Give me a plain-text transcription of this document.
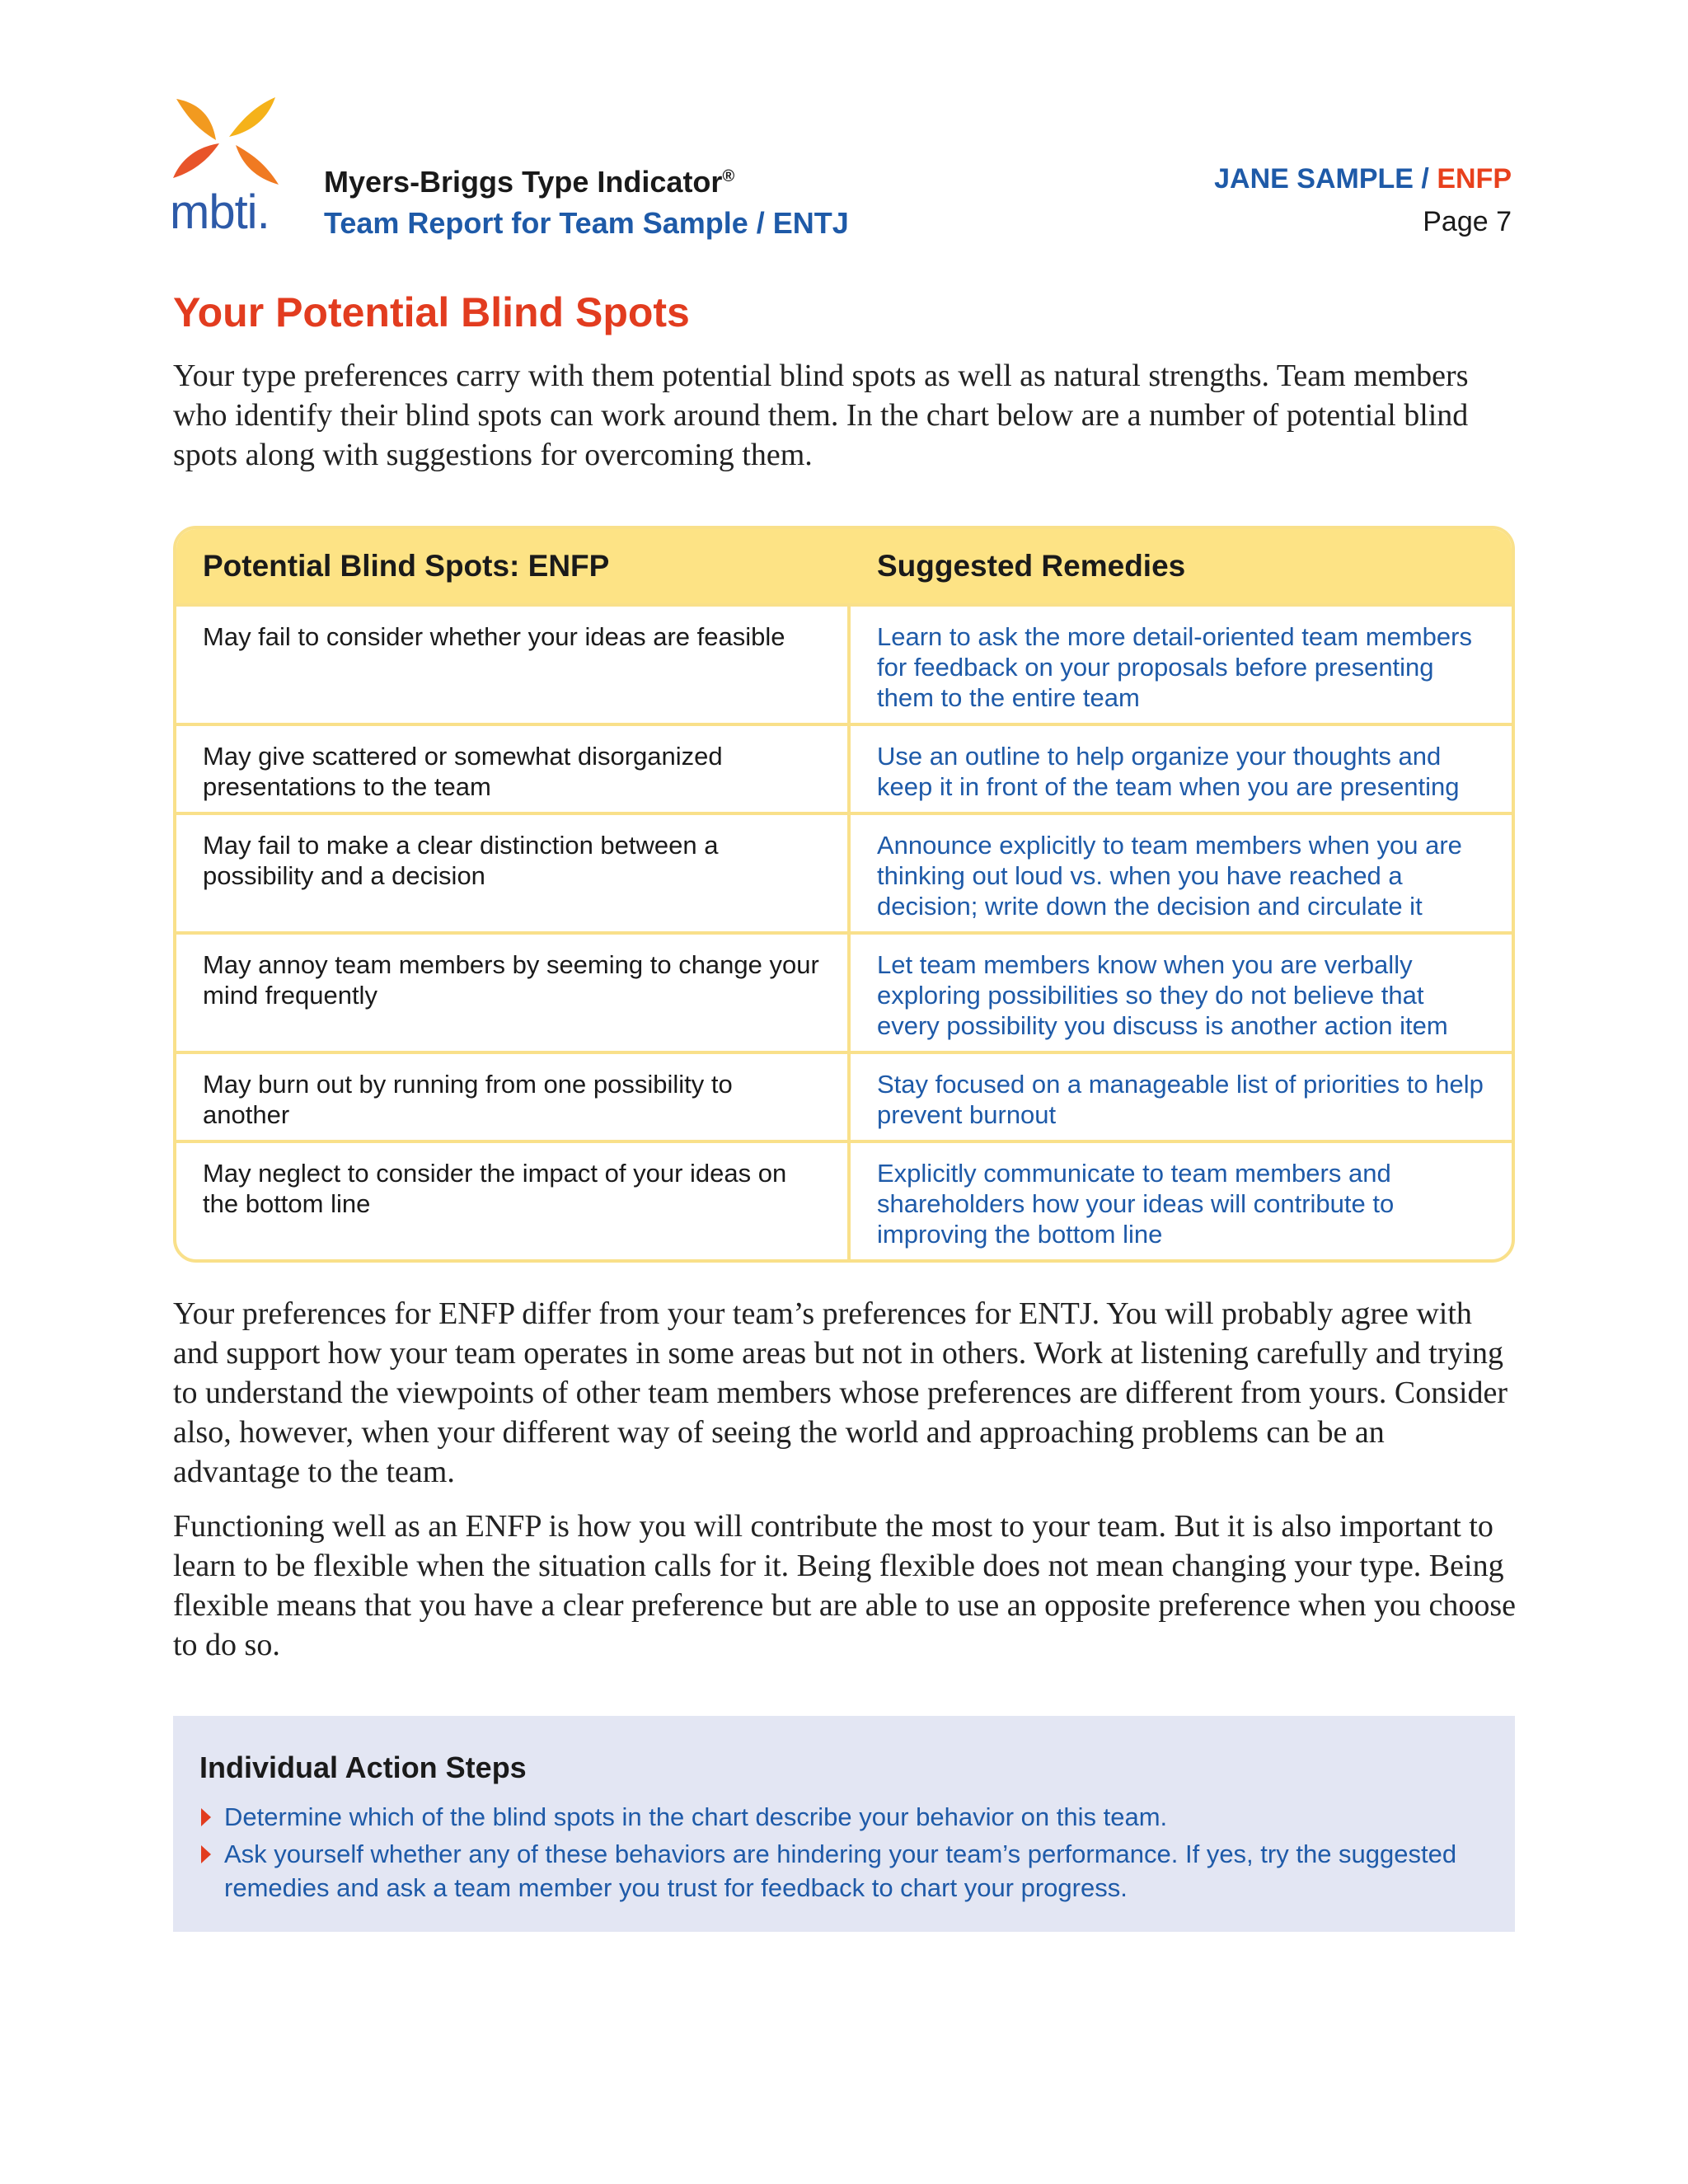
mbti.
Myers-Briggs Type Indicator®
Team Report for Team Sample / ENTJ
JANE SAMPLE / ENFP
Page 7
Your Potential Blind Spots
Your type preferences carry with them potential blind spots as well as natural strengths. Team members who identify their blind spots can work around them. In the chart below are a number of potential blind spots along with suggestions for overcoming them.
Potential Blind Spots: ENFP	Suggested Remedies
May fail to consider whether your ideas are feasible	Learn to ask the more detail-oriented team members for feedback on your proposals before presenting them to the entire team
May give scattered or somewhat disorganized presentations to the team
Use an outline to help organize your thoughts and keep it in front of the team when you are presenting
May fail to make a clear distinction between a possibility and a decision
Announce explicitly to team members when you are thinking out loud vs. when you have reached a decision; write down the decision and circulate it
May annoy team members by seeming to change your mind frequently
Let team members know when you are verbally exploring possibilities so they do not believe that every possibility you discuss is another action item
May burn out by running from one possibility to another
Stay focused on a manageable list of priorities to help prevent burnout
May neglect to consider the impact of your ideas on the bottom line
Explicitly communicate to team members and shareholders how your ideas will contribute to improving the bottom line
Your preferences for ENFP differ from your team’s preferences for ENTJ. You will probably agree with and support how your team operates in some areas but not in others. Work at listening carefully and trying to understand the viewpoints of other team members whose preferences are different from yours. Consider also, however, when your different way of seeing the world and approaching problems can be an advantage to the team.
Functioning well as an ENFP is how you will contribute the most to your team. But it is also important to learn to be flexible when the situation calls for it. Being flexible does not mean changing your type. Being flexible means that you have a clear preference but are able to use an opposite preference when you choose to do so.
Individual Action Steps
Determine which of the blind spots in the chart describe your behavior on this team.
Ask yourself whether any of these behaviors are hindering your team’s performance. If yes, try the suggested remedies and ask a team member you trust for feedback to chart your progress.
